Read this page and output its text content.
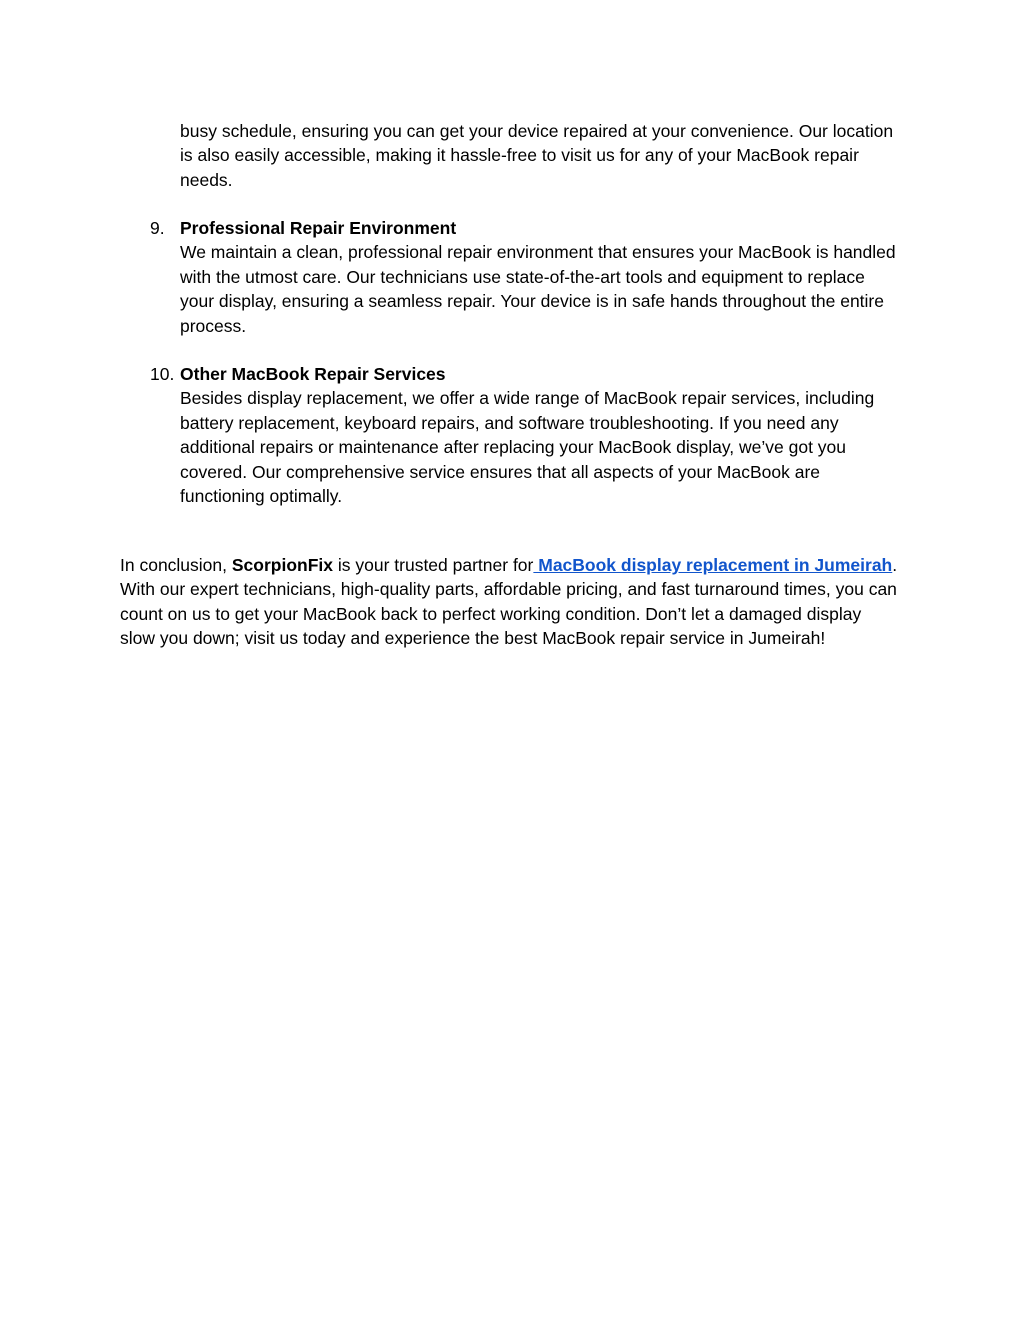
busy schedule, ensuring you can get your device repaired at your convenience. Our location is also easily accessible, making it hassle-free to visit us for any of your MacBook repair needs.

9. Professional Repair Environment
We maintain a clean, professional repair environment that ensures your MacBook is handled with the utmost care. Our technicians use state-of-the-art tools and equipment to replace your display, ensuring a seamless repair. Your device is in safe hands throughout the entire process.
10. Other MacBook Repair Services
Besides display replacement, we offer a wide range of MacBook repair services, including battery replacement, keyboard repairs, and software troubleshooting. If you need any additional repairs or maintenance after replacing your MacBook display, we’ve got you covered. Our comprehensive service ensures that all aspects of your MacBook are functioning optimally.

In conclusion, ScorpionFix is your trusted partner for MacBook display replacement in Jumeirah. With our expert technicians, high-quality parts, affordable pricing, and fast turnaround times, you can count on us to get your MacBook back to perfect working condition. Don’t let a damaged display slow you down; visit us today and experience the best MacBook repair service in Jumeirah!
